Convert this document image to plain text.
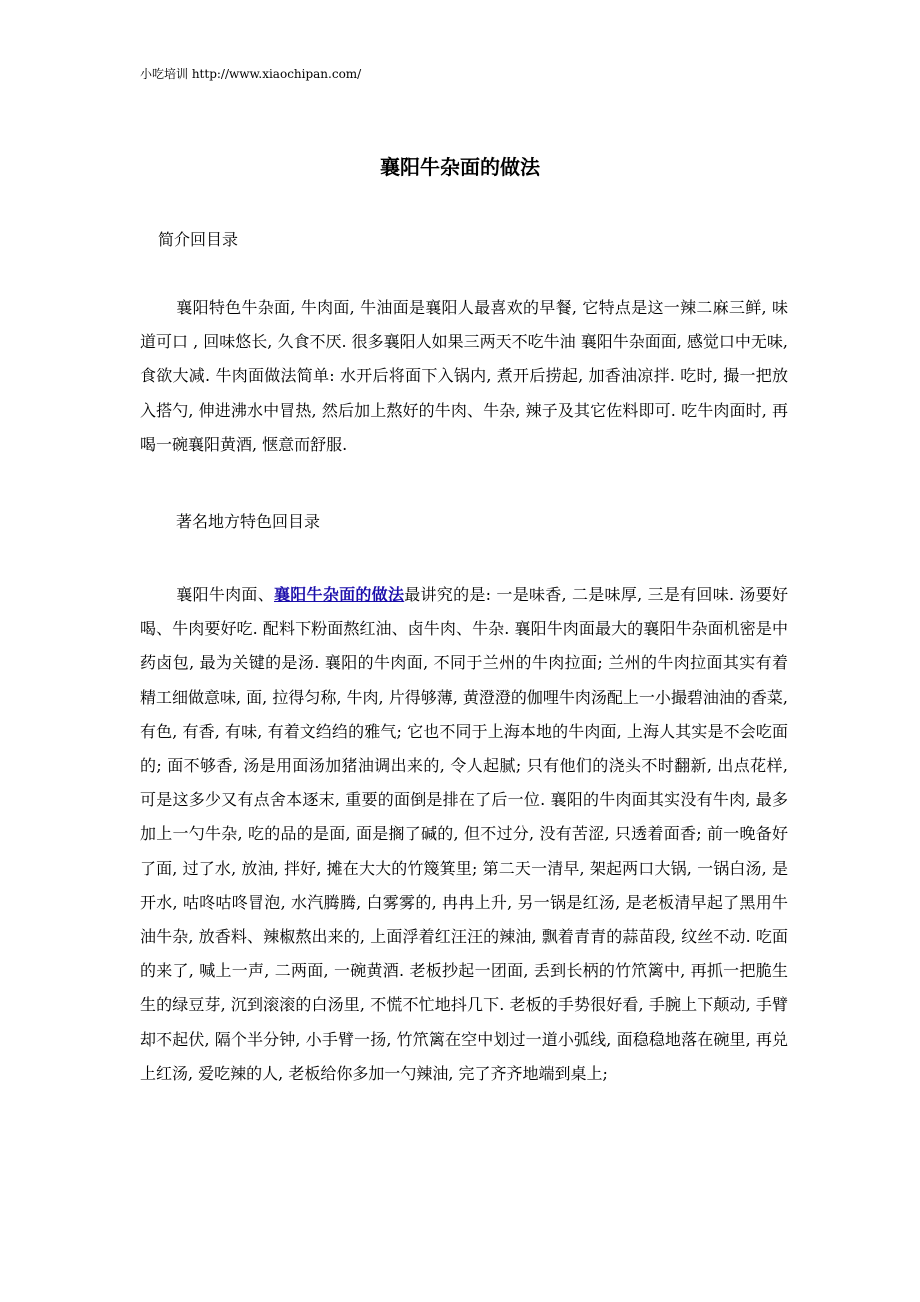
小吃培训 http://www.xiaochipan.com/
襄阳牛杂面的做法
简介回目录
襄阳特色牛杂面, 牛肉面, 牛油面是襄阳人最喜欢的早餐, 它特点是这一辣二麻三鲜, 味道可口 , 回味悠长, 久食不厌. 很多襄阳人如果三两天不吃牛油 襄阳牛杂面面, 感觉口中无味, 食欲大减. 牛肉面做法简单: 水开后将面下入锅内, 煮开后捞起, 加香油凉拌. 吃时, 撮一把放入搭勺, 伸进沸水中冒热, 然后加上熬好的牛肉、牛杂, 辣子及其它佐料即可. 吃牛肉面时, 再喝一碗襄阳黄酒, 惬意而舒服.
著名地方特色回目录
襄阳牛肉面、襄阳牛杂面的做法最讲究的是: 一是味香, 二是味厚, 三是有回味. 汤要好喝、牛肉要好吃. 配料下粉面熬红油、卤牛肉、牛杂. 襄阳牛肉面最大的襄阳牛杂面机密是中药卤包, 最为关键的是汤. 襄阳的牛肉面, 不同于兰州的牛肉拉面; 兰州的牛肉拉面其实有着精工细做意味, 面, 拉得匀称, 牛肉, 片得够薄, 黄澄澄的伽哩牛肉汤配上一小撮碧油油的香菜, 有色, 有香, 有味, 有着文绉绉的雅气; 它也不同于上海本地的牛肉面, 上海人其实是不会吃面的; 面不够香, 汤是用面汤加猪油调出来的, 令人起腻; 只有他们的浇头不时翻新, 出点花样, 可是这多少又有点舍本逐末, 重要的面倒是排在了后一位. 襄阳的牛肉面其实没有牛肉, 最多加上一勺牛杂, 吃的品的是面, 面是搁了碱的, 但不过分, 没有苦涩, 只透着面香; 前一晚备好了面, 过了水, 放油, 拌好, 摊在大大的竹篾箕里; 第二天一清早, 架起两口大锅, 一锅白汤, 是开水, 咕咚咕咚冒泡, 水汽腾腾, 白雾雾的, 冉冉上升, 另一锅是红汤, 是老板清早起了黑用牛油牛杂, 放香料、辣椒熬出来的, 上面浮着红汪汪的辣油, 飘着青青的蒜苗段, 纹丝不动. 吃面的来了, 喊上一声, 二两面, 一碗黄酒. 老板抄起一团面, 丢到长柄的竹笊篱中, 再抓一把脆生生的绿豆芽, 沉到滚滚的白汤里, 不慌不忙地抖几下. 老板的手势很好看, 手腕上下颠动, 手臂却不起伏, 隔个半分钟, 小手臂一扬, 竹笊篱在空中划过一道小弧线, 面稳稳地落在碗里, 再兑上红汤, 爱吃辣的人, 老板给你多加一勺辣油, 完了齐齐地端到桌上;
